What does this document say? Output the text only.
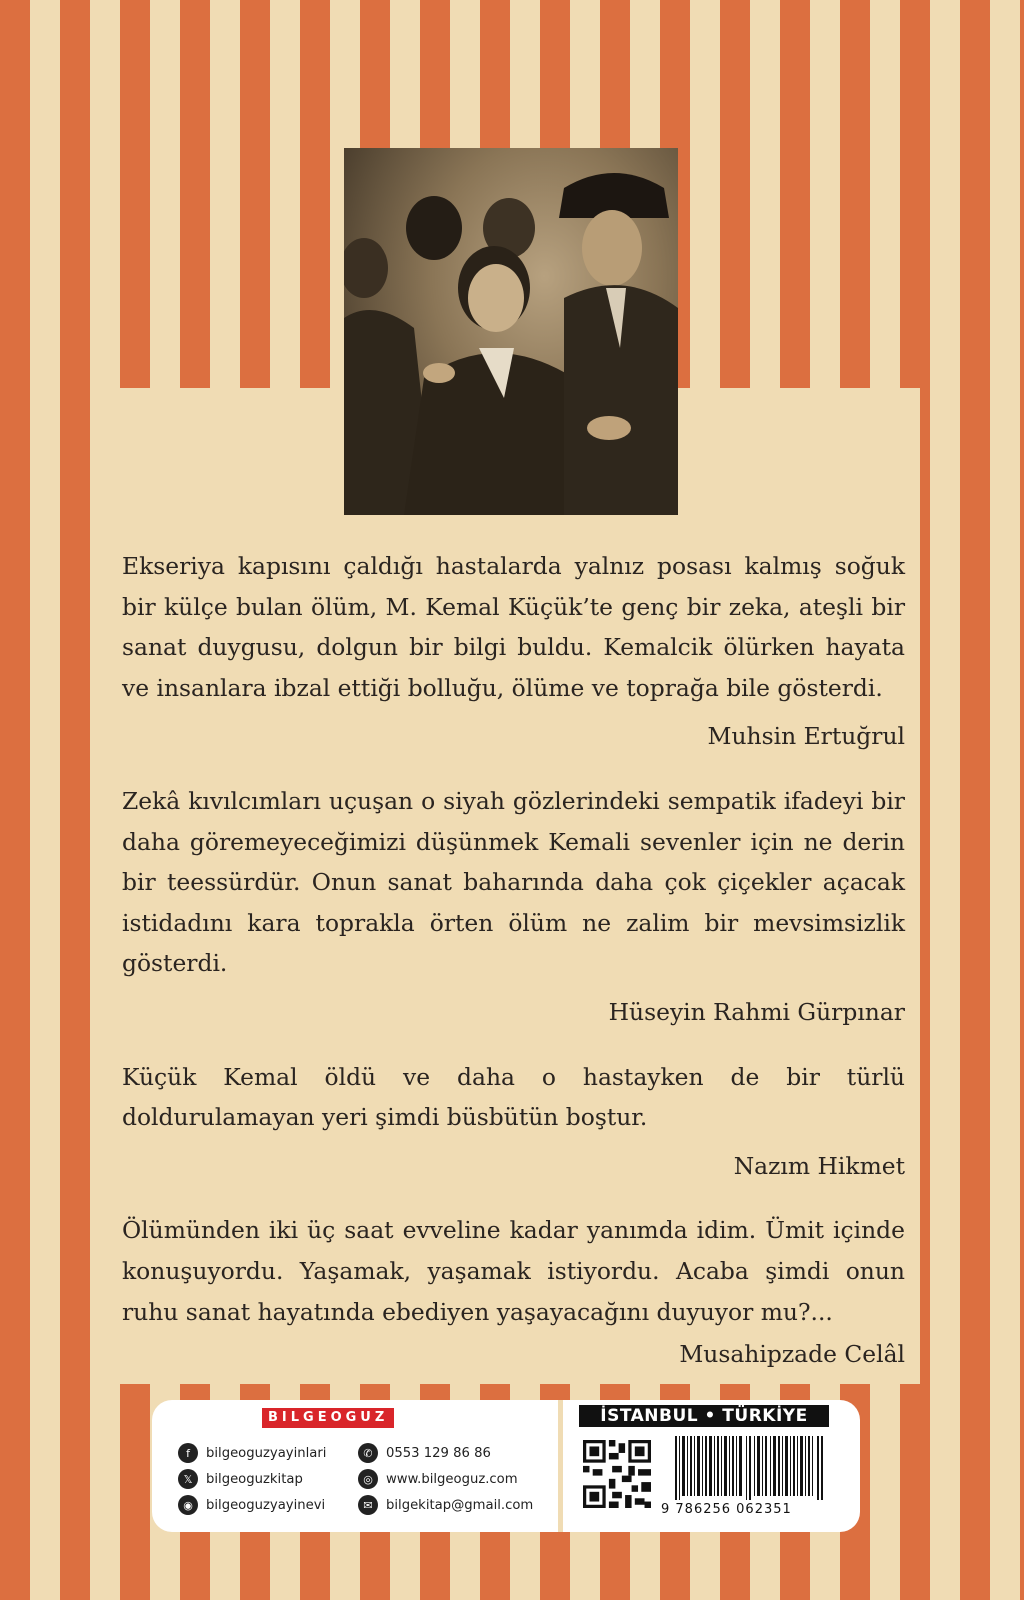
Ekseriya kapısını çaldığı hastalarda yalnız posası kalmış soğuk bir külçe bulan ölüm, M. Kemal Küçük’te genç bir zeka, ateşli bir sanat duygusu, dolgun bir bilgi buldu. Kemalcik ölürken hayata ve insanlara ibzal ettiği bolluğu, ölüme ve toprağa bile gösterdi.

Muhsin Ertuğrul

Zekâ kıvılcımları uçuşan o siyah gözlerindeki sempatik ifadeyi bir daha göremeyeceğimizi düşünmek Kemali sevenler için ne derin bir teessürdür. Onun sanat baharında daha çok çiçekler açacak istidadını kara toprakla örten ölüm ne zalim bir mevsimsizlik gösterdi.

Hüseyin Rahmi Gürpınar

Küçük Kemal öldü ve daha o hastayken de bir türlü doldurulamayan yeri şimdi büsbütün boştur.

Nazım Hikmet

Ölümünden iki üç saat evveline kadar yanımda idim. Ümit içinde konuşuyordu. Yaşamak, yaşamak istiyordu. Acaba şimdi onun ruhu sanat hayatında ebediyen yaşayacağını duyuyor mu?...

Musahipzade Celâl

BILGEOGUZ
f	bilgeoguzyayinlari	✆	0553 129 86 86
𝕏	bilgeoguzkitap	◎	www.bilgeoguz.com
◉	bilgeoguzyayinevi	✉	bilgekitap@gmail.com
İSTANBUL • TÜRKİYE
9 786256 062351
